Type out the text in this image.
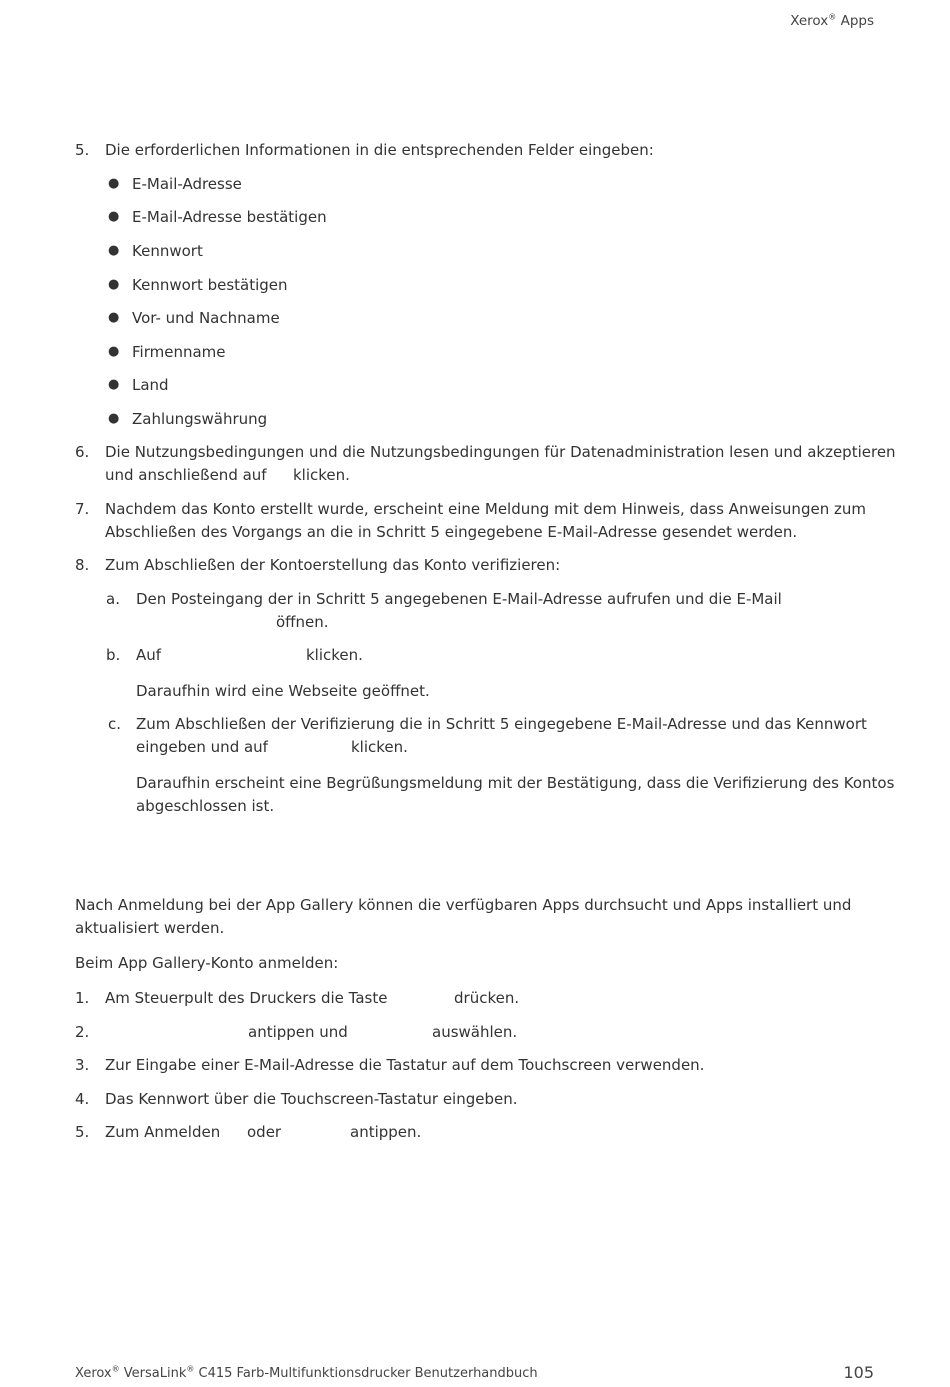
Xerox® Apps
5. Die erforderlichen Informationen in die entsprechenden Felder eingeben:
● E-Mail-Adresse
● E-Mail-Adresse bestätigen
● Kennwort
● Kennwort bestätigen
● Vor- und Nachname
● Firmenname
● Land
● Zahlungswährung
6. Die Nutzungsbedingungen und die Nutzungsbedingungen für Datenadministration lesen und akzeptieren
und anschließend auf klicken.
7. Nachdem das Konto erstellt wurde, erscheint eine Meldung mit dem Hinweis, dass Anweisungen zum
Abschließen des Vorgangs an die in Schritt 5 eingegebene E-Mail-Adresse gesendet werden.
8. Zum Abschließen der Kontoerstellung das Konto verifizieren:
a. Den Posteingang der in Schritt 5 angegebenen E-Mail-Adresse aufrufen und die E-Mail
öffnen.
b. Auf	klicken.
Daraufhin wird eine Webseite geöffnet.
c. Zum Abschließen der Verifizierung die in Schritt 5 eingegebene E-Mail-Adresse und das Kennwort
eingeben und auf	klicken.
Daraufhin erscheint eine Begrüßungsmeldung mit der Bestätigung, dass die Verifizierung des Kontos
abgeschlossen ist.
Nach Anmeldung bei der App Gallery können die verfügbaren Apps durchsucht und Apps installiert und
aktualisiert werden.
Beim App Gallery-Konto anmelden:
1. Am Steuerpult des Druckers die Taste	drücken.
2.	antippen und	auswählen.
3. Zur Eingabe einer E-Mail-Adresse die Tastatur auf dem Touchscreen verwenden.
4. Das Kennwort über die Touchscreen-Tastatur eingeben.
5. Zum Anmelden oder	antippen.
Xerox® VersaLink® C415 Farb-Multifunktionsdrucker Benutzerhandbuch	105
